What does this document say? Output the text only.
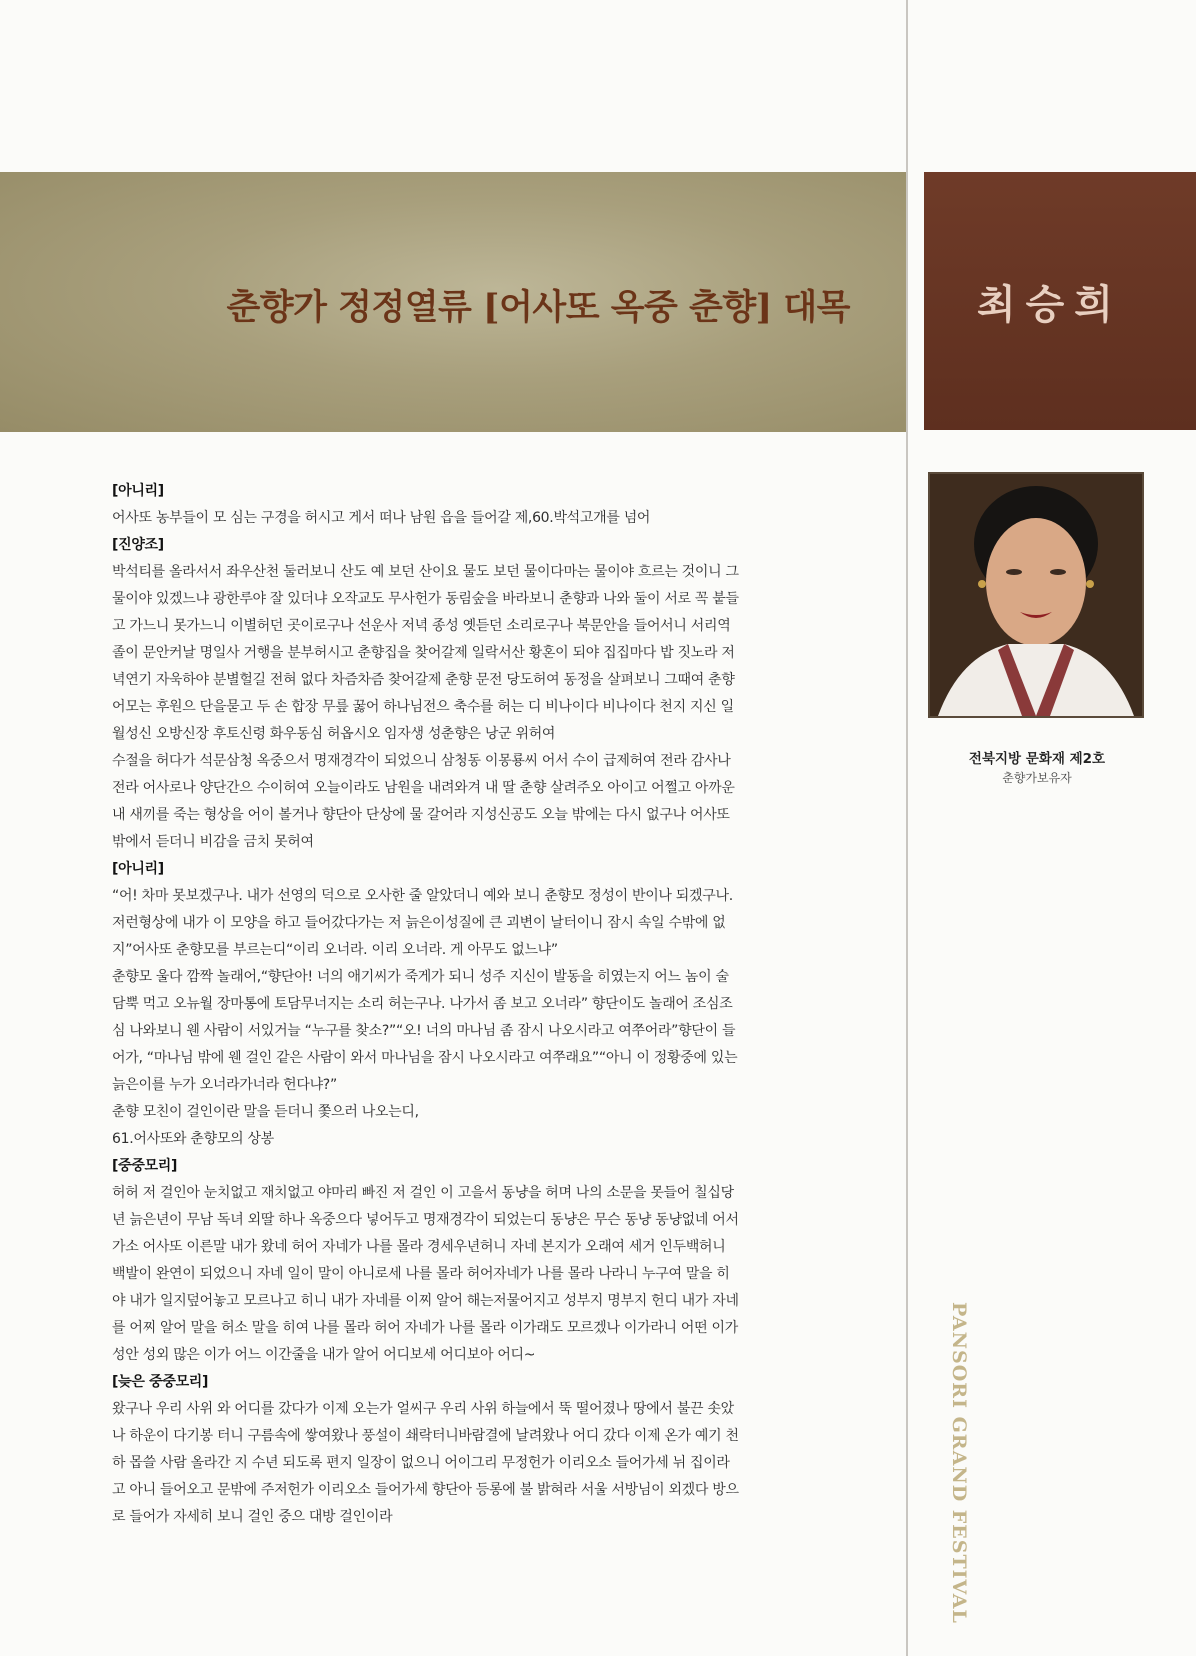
춘향가 정정열류 [어사또 옥중 춘향] 대목	최승희
전북지방 문화재 제2호
춘향가보유자
PANSORI GRAND FESTIVAL
[아니리]
어사또 농부들이 모 심는 구경을 허시고 게서 떠나 남원 읍을 들어갈 제,60.박석고개를 넘어
[진양조]
박석티를 올라서서 좌우산천 둘러보니 산도 예 보던 산이요 물도 보던 물이다마는 물이야 흐르는 것이니 그
물이야 있겠느냐 광한루야 잘 있더냐 오작교도 무사헌가 동림숲을 바라보니 춘향과 나와 둘이 서로 꼭 붙들
고 가느니 못가느니 이별허던 곳이로구나 선운사 저녁 종성 옛듣던 소리로구나 북문안을 들어서니 서리역
졸이 문안커날 명일사 거행을 분부허시고 춘향집을 찾어갈제 일락서산 황혼이 되야 집집마다 밥 짓노라 저
녁연기 자욱하야 분별헐길 전혀 없다 차즘차즘 찾어갈제 춘향 문전 당도허여 동정을 살펴보니 그때여 춘향
어모는 후원으 단을묻고 두 손 합장 무릎 꿇어 하나님전으 축수를 허는 디 비나이다 비나이다 천지 지신 일
월성신 오방신장 후토신령 화우동심 허옵시오 임자생 성춘향은 낭군 위허여
수절을 허다가 석문삼청 옥중으서 명재경각이 되었으니 삼청동 이몽룡씨 어서 수이 급제허여 전라 감사나
전라 어사로나 양단간으 수이허여 오늘이라도 남원을 내려와겨 내 딸 춘향 살려주오 아이고 어쩔고 아까운
내 새끼를 죽는 형상을 어이 볼거나 향단아 단상에 물 갈어라 지성신공도 오늘 밖에는 다시 없구나 어사또
밖에서 듣더니 비감을 금치 못허여
[아니리]
“어! 차마 못보겠구나. 내가 선영의 덕으로 오사한 줄 알았더니 예와 보니 춘향모 정성이 반이나 되겠구나.
저런형상에 내가 이 모양을 하고 들어갔다가는 저 늙은이성질에 큰 괴변이 날터이니 잠시 속일 수밖에 없
지”어사또 춘향모를 부르는디“이리 오너라. 이리 오너라. 게 아무도 없느냐”
춘향모 울다 깜짝 놀래어,“향단아! 너의 애기씨가 죽게가 되니 성주 지신이 발동을 히였는지 어느 놈이 술
담뿍 먹고 오뉴월 장마통에 토담무너지는 소리 허는구나. 나가서 좀 보고 오너라” 향단이도 놀래어 조심조
심 나와보니 웬 사람이 서있거늘 “누구를 찾소?”“오! 너의 마나님 좀 잠시 나오시라고 여쭈어라”향단이 들
어가, “마나님 밖에 웬 걸인 같은 사람이 와서 마나님을 잠시 나오시라고 여쭈래요”“아니 이 정황중에 있는
늙은이를 누가 오너라가너라 헌다냐?”
춘향 모친이 걸인이란 말을 듣더니 쫓으러 나오는디,
61.어사또와 춘향모의 상봉
[중중모리]
허허 저 걸인아 눈치없고 재치없고 야마리 빠진 저 걸인 이 고을서 동냥을 허며 나의 소문을 못들어 칠십당
년 늙은년이 무남 독녀 외딸 하나 옥중으다 넣어두고 명재경각이 되었는디 동냥은 무슨 동냥 동냥없네 어서
가소 어사또 이른말 내가 왔네 허어 자네가 나를 몰라 경세우년허니 자네 본지가 오래여 세거 인두백허니
백발이 완연이 되었으니 자네 일이 말이 아니로세 나를 몰라 허어자네가 나를 몰라 나라니 누구여 말을 히
야 내가 일지덮어놓고 모르나고 히니 내가 자네를 이찌 알어 해는저물어지고 성부지 명부지 헌디 내가 자네
를 어찌 알어 말을 허소 말을 히여 나를 몰라 허어 자네가 나를 몰라 이가래도 모르겠나 이가라니 어떤 이가
성안 성외 많은 이가 어느 이간줄을 내가 알어 어디보세 어디보아 어디~
[늦은 중중모리]
왔구나 우리 사위 와 어디를 갔다가 이제 오는가 얼씨구 우리 사위 하늘에서 뚝 떨어졌나 땅에서 불끈 솟았
나 하운이 다기봉 터니 구름속에 쌓여왔나 풍설이 쇄락터니바람결에 날려왔나 어디 갔다 이제 온가 예기 천
하 몹쓸 사람 올라간 지 수년 되도록 편지 일장이 없으니 어이그리 무정헌가 이리오소 들어가세 뉘 집이라
고 아니 들어오고 문밖에 주저헌가 이리오소 들어가세 향단아 등롱에 불 밝혀라 서울 서방님이 외겠다 방으
로 들어가 자세히 보니 걸인 중으 대방 걸인이라
